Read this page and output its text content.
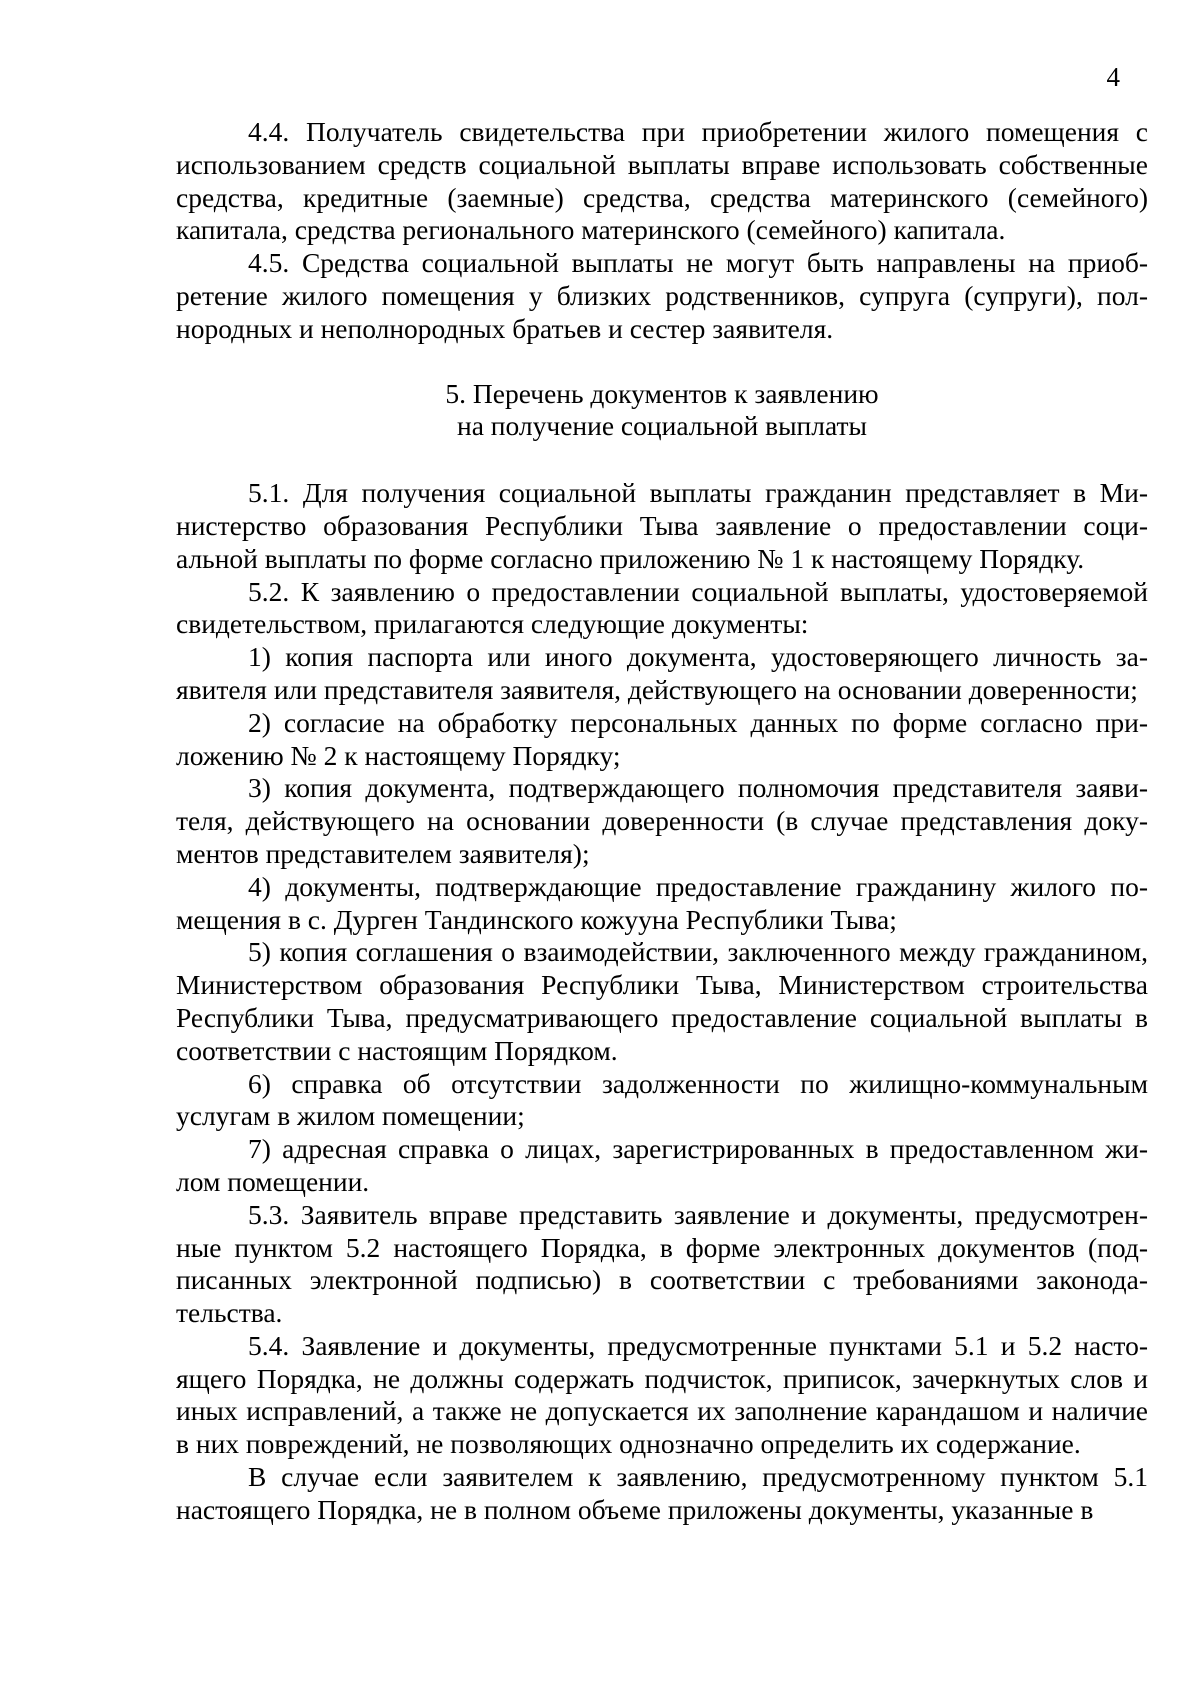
4

4.4. Получатель свидетельства при приобретении жилого помещения с использованием средств социальной выплаты вправе использовать собственные средства, кредитные (заемные) средства, средства материнского (семейного) капитала, средства регионального материнского (семейного) капитала.

4.5. Средства социальной выплаты не могут быть направлены на приобретение жилого помещения у близких родственников, супруга (супруги), полнородных и неполнородных братьев и сестер заявителя.

5. Перечень документов к заявлению
на получение социальной выплаты

5.1. Для получения социальной выплаты гражданин представляет в Министерство образования Республики Тыва заявление о предоставлении социальной выплаты по форме согласно приложению № 1 к настоящему Порядку.

5.2. К заявлению о предоставлении социальной выплаты, удостоверяемой свидетельством, прилагаются следующие документы:

1) копия паспорта или иного документа, удостоверяющего личность заявителя или представителя заявителя, действующего на основании доверенности;

2) согласие на обработку персональных данных по форме согласно приложению № 2 к настоящему Порядку;

3) копия документа, подтверждающего полномочия представителя заявителя, действующего на основании доверенности (в случае представления документов представителем заявителя);

4) документы, подтверждающие предоставление гражданину жилого помещения в с. Дурген Тандинского кожууна Республики Тыва;

5) копия соглашения о взаимодействии, заключенного между гражданином, Министерством образования Республики Тыва, Министерством строительства Республики Тыва, предусматривающего предоставление социальной выплаты в соответствии с настоящим Порядком.

6) справка об отсутствии задолженности по жилищно-коммунальным услугам в жилом помещении;

7) адресная справка о лицах, зарегистрированных в предоставленном жилом помещении.

5.3. Заявитель вправе представить заявление и документы, предусмотренные пунктом 5.2 настоящего Порядка, в форме электронных документов (подписанных электронной подписью) в соответствии с требованиями законодательства.

5.4. Заявление и документы, предусмотренные пунктами 5.1 и 5.2 настоящего Порядка, не должны содержать подчисток, приписок, зачеркнутых слов и иных исправлений, а также не допускается их заполнение карандашом и наличие в них повреждений, не позволяющих однозначно определить их содержание.

В случае если заявителем к заявлению, предусмотренному пунктом 5.1 настоящего Порядка, не в полном объеме приложены документы, указанные в
